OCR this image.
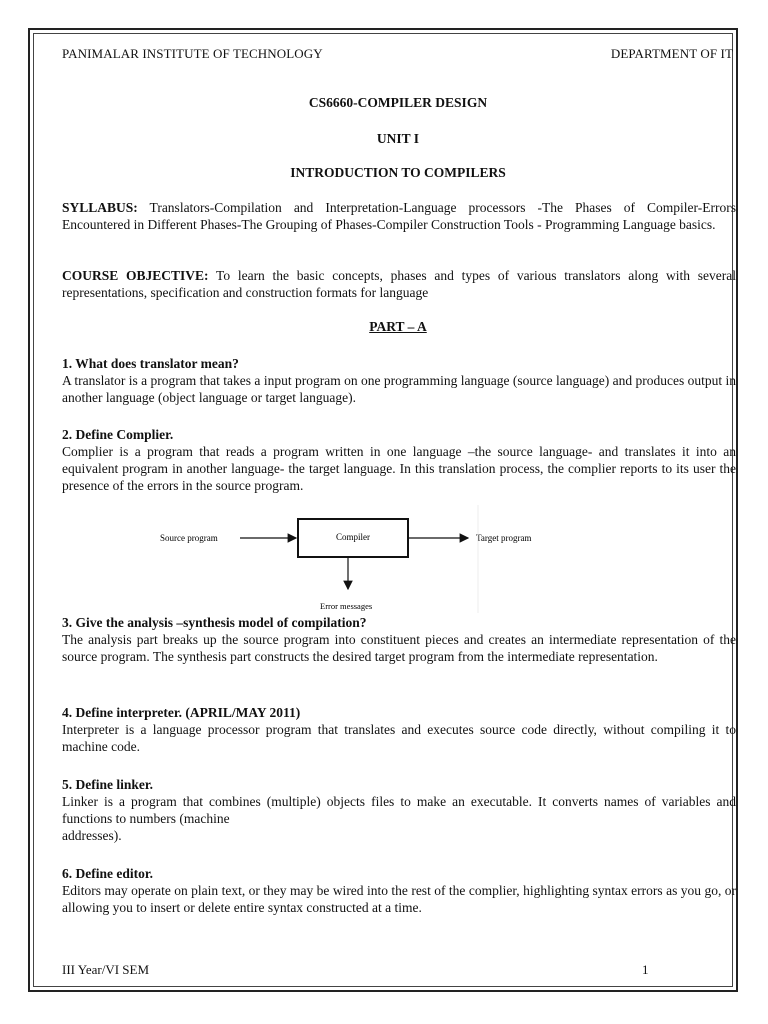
PANIMALAR INSTITUTE OF TECHNOLOGY	DEPARTMENT OF IT
CS6660-COMPILER DESIGN
UNIT I
INTRODUCTION TO COMPILERS
SYLLABUS: Translators-Compilation and Interpretation-Language processors -The Phases of Compiler-Errors Encountered in Different Phases-The Grouping of Phases-Compiler Construction Tools - Programming Language basics.
COURSE OBJECTIVE: To learn the basic concepts, phases and types of various translators along with several representations, specification and construction formats for language
PART – A
1. What does translator mean?
A translator is a program that takes a input program on one programming language (source language) and produces output in another language (object language or target language).
2. Define Complier.
Complier is a program that reads a program written in one language –the source language- and translates it into an equivalent program in another language- the target language. In this translation process, the complier reports to its user the presence of the errors in the source program.
Source program	Compiler	Target program
Error messages
3. Give the analysis –synthesis model of compilation?
The analysis part breaks up the source program into constituent pieces and creates an intermediate representation of the source program. The synthesis part constructs the desired target program from the intermediate representation.
4. Define interpreter. (APRIL/MAY 2011)
Interpreter is a language processor program that translates and executes source code directly, without compiling it to machine code.
5. Define linker.
Linker is a program that combines (multiple) objects files to make an executable. It converts names of variables and functions to numbers (machine
addresses).
6. Define editor.
Editors may operate on plain text, or they may be wired into the rest of the complier, highlighting syntax errors as you go, or allowing you to insert or delete entire syntax constructed at a time.
III Year/VI SEM	1
